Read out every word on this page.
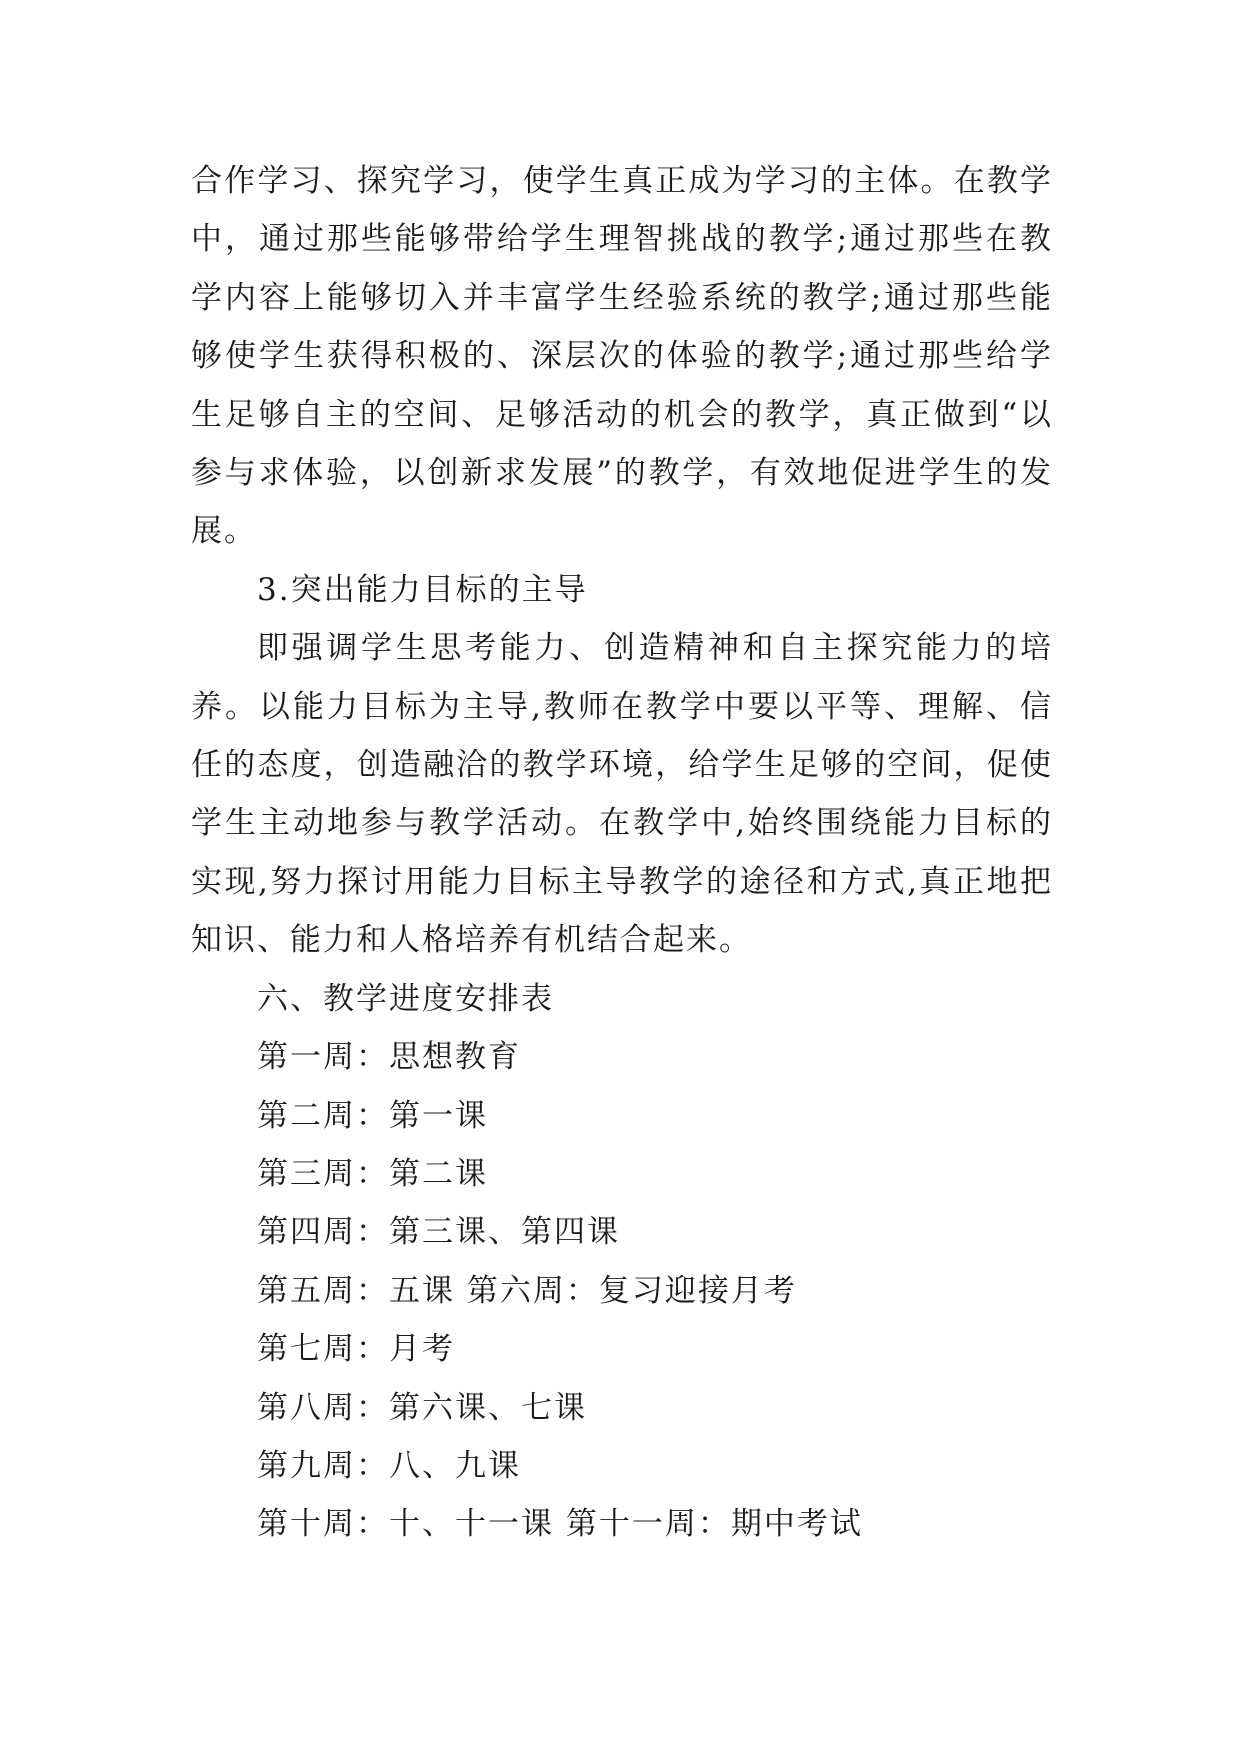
合作学习、探究学习，使学生真正成为学习的主体。在教学中，通过那些能够带给学生理智挑战的教学;通过那些在教学内容上能够切入并丰富学生经验系统的教学;通过那些能够使学生获得积极的、深层次的体验的教学;通过那些给学生足够自主的空间、足够活动的机会的教学，真正做到“以参与求体验，以创新求发展”的教学，有效地促进学生的发展。

3.突出能力目标的主导

即强调学生思考能力、创造精神和自主探究能力的培养。以能力目标为主导,教师在教学中要以平等、理解、信任的态度，创造融洽的教学环境，给学生足够的空间，促使学生主动地参与教学活动。在教学中,始终围绕能力目标的实现,努力探讨用能力目标主导教学的途径和方式,真正地把知识、能力和人格培养有机结合起来。

六、教学进度安排表

第一周：思想教育

第二周：第一课

第三周：第二课

第四周：第三课、第四课

第五周：五课 第六周：复习迎接月考

第七周：月考

第八周：第六课、七课

第九周：八、九课

第十周：十、十一课 第十一周：期中考试
